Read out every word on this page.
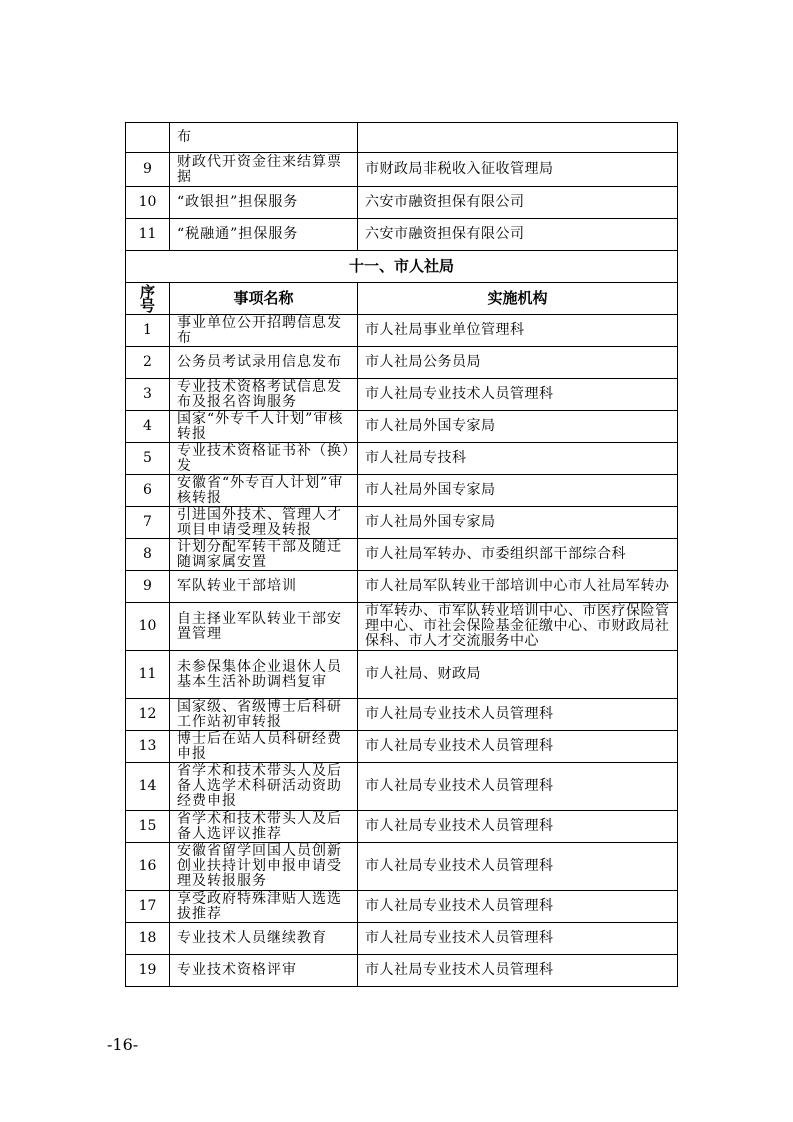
	布	
9	财政代开资金往来结算票据	市财政局非税收入征收管理局
10	“政银担”担保服务	六安市融资担保有限公司
11	“税融通”担保服务	六安市融资担保有限公司
十一、市人社局		
序号	事项名称	实施机构
1	事业单位公开招聘信息发布	市人社局事业单位管理科
2	公务员考试录用信息发布	市人社局公务员局
3	专业技术资格考试信息发布及报名咨询服务	市人社局专业技术人员管理科
4	国家“外专千人计划”审核转报	市人社局外国专家局
5	专业技术资格证书补（换）发	市人社局专技科
6	安徽省“外专百人计划”审核转报	市人社局外国专家局
7	引进国外技术、管理人才项目申请受理及转报	市人社局外国专家局
8	计划分配军转干部及随迁随调家属安置	市人社局军转办、市委组织部干部综合科
9	军队转业干部培训	市人社局军队转业干部培训中心市人社局军转办
10	自主择业军队转业干部安置管理	市军转办、市军队转业培训中心、市医疗保险管理中心、市社会保险基金征缴中心、市财政局社保科、市人才交流服务中心
11	未参保集体企业退休人员基本生活补助调档复审	市人社局、财政局
12	国家级、省级博士后科研工作站初审转报	市人社局专业技术人员管理科
13	博士后在站人员科研经费申报	市人社局专业技术人员管理科
14	省学术和技术带头人及后备人选学术科研活动资助经费申报	市人社局专业技术人员管理科
15	省学术和技术带头人及后备人选评议推荐	市人社局专业技术人员管理科
16	安徽省留学回国人员创新创业扶持计划申报申请受理及转报服务	市人社局专业技术人员管理科
17	享受政府特殊津贴人选选拔推荐	市人社局专业技术人员管理科
18	专业技术人员继续教育	市人社局专业技术人员管理科
19	专业技术资格评审	市人社局专业技术人员管理科
-16-
